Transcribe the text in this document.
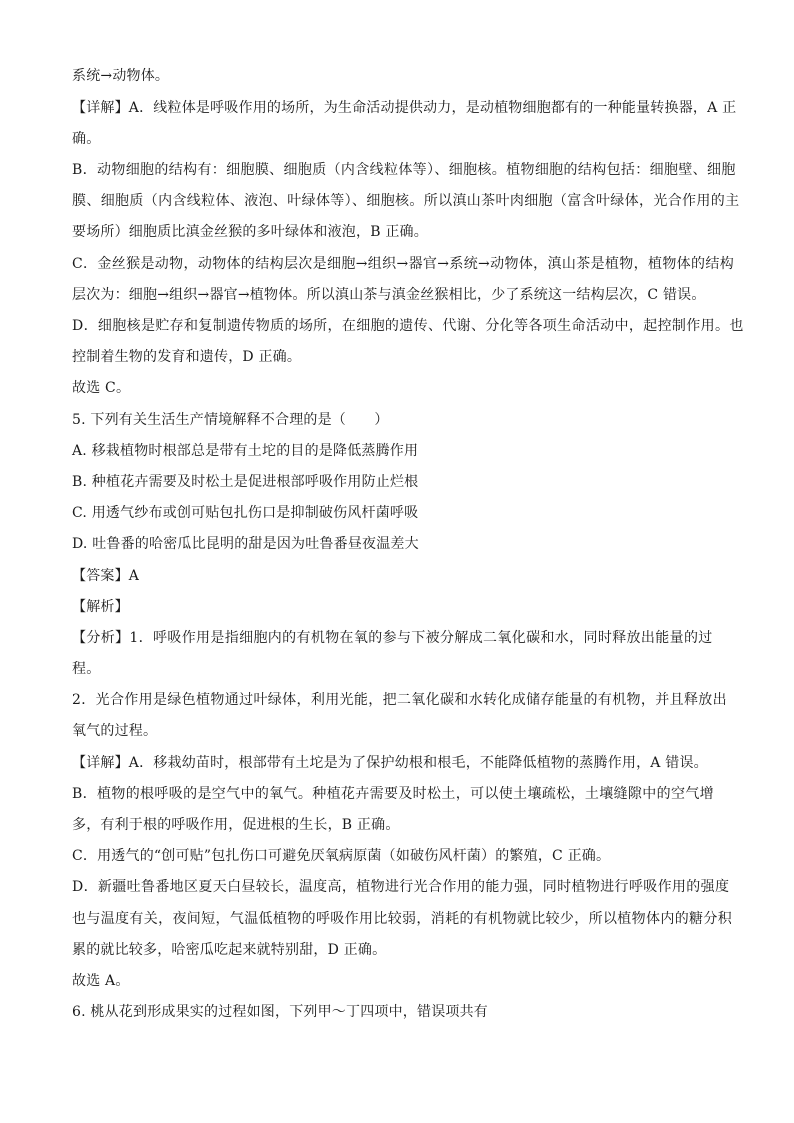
系统→动物体。
【详解】A．线粒体是呼吸作用的场所，为生命活动提供动力，是动植物细胞都有的一种能量转换器，A 正
确。
B．动物细胞的结构有：细胞膜、细胞质（内含线粒体等）、细胞核。植物细胞的结构包括：细胞壁、细胞
膜、细胞质（内含线粒体、液泡、叶绿体等）、细胞核。所以滇山茶叶肉细胞（富含叶绿体，光合作用的主
要场所）细胞质比滇金丝猴的多叶绿体和液泡，B 正确。
C．金丝猴是动物，动物体的结构层次是细胞→组织→器官→系统→动物体，滇山茶是植物，植物体的结构
层次为：细胞→组织→器官→植物体。所以滇山茶与滇金丝猴相比，少了系统这一结构层次，C 错误。
D．细胞核是贮存和复制遗传物质的场所，在细胞的遗传、代谢、分化等各项生命活动中，起控制作用。也
控制着生物的发育和遗传，D 正确。
故选 C。
5. 下列有关生活生产情境解释不合理的是（　　）
A. 移栽植物时根部总是带有土坨的目的是降低蒸腾作用
B. 种植花卉需要及时松土是促进根部呼吸作用防止烂根
C. 用透气纱布或创可贴包扎伤口是抑制破伤风杆菌呼吸
D. 吐鲁番的哈密瓜比昆明的甜是因为吐鲁番昼夜温差大
【答案】A
【解析】
【分析】1．呼吸作用是指细胞内的有机物在氧的参与下被分解成二氧化碳和水，同时释放出能量的过
程。
2．光合作用是绿色植物通过叶绿体，利用光能，把二氧化碳和水转化成储存能量的有机物，并且释放出
氧气的过程。
【详解】A．移栽幼苗时，根部带有土坨是为了保护幼根和根毛，不能降低植物的蒸腾作用，A 错误。
B．植物的根呼吸的是空气中的氧气。种植花卉需要及时松土，可以使土壤疏松，土壤缝隙中的空气增
多，有利于根的呼吸作用，促进根的生长，B 正确。
C．用透气的“创可贴”包扎伤口可避免厌氧病原菌（如破伤风杆菌）的繁殖，C 正确。
D．新疆吐鲁番地区夏天白昼较长，温度高，植物进行光合作用的能力强，同时植物进行呼吸作用的强度
也与温度有关，夜间短，气温低植物的呼吸作用比较弱，消耗的有机物就比较少，所以植物体内的糖分积
累的就比较多，哈密瓜吃起来就特别甜，D 正确。
故选 A。
6. 桃从花到形成果实的过程如图，下列甲～丁四项中，错误项共有
